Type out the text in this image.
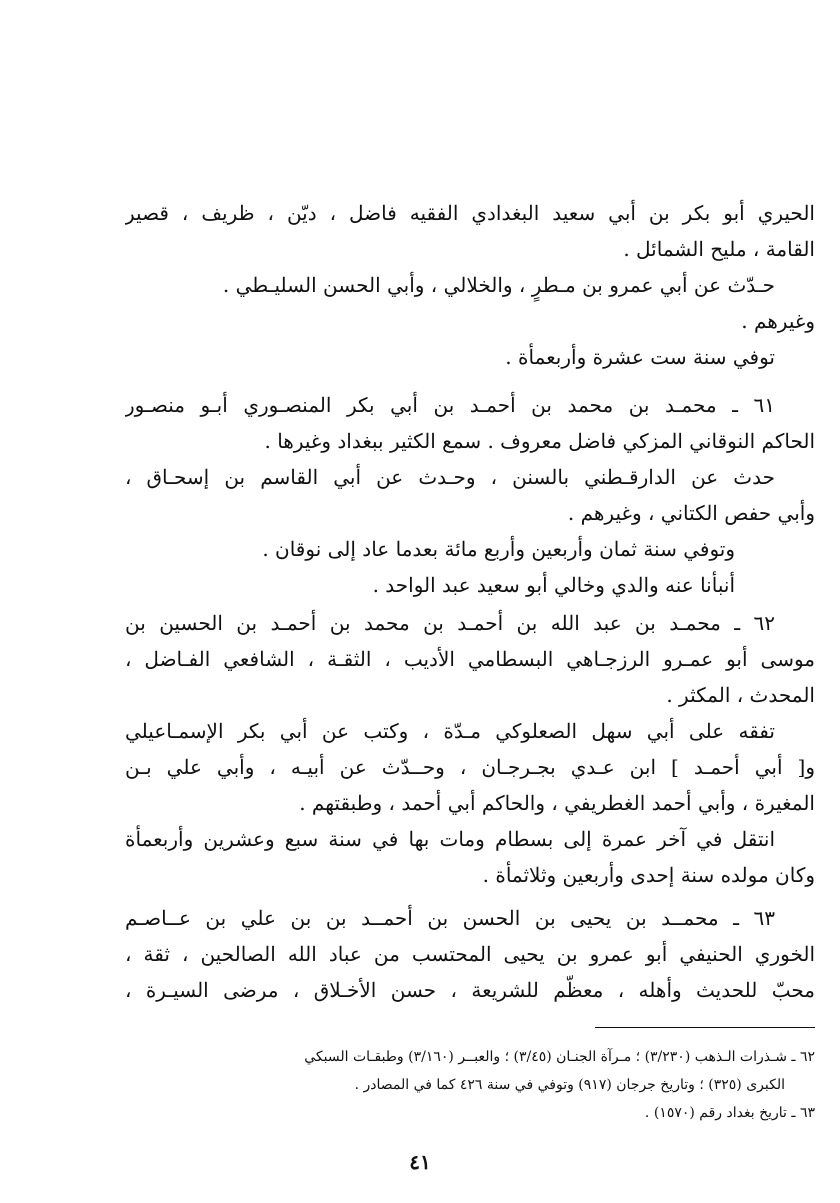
الحيري أبو بكر بن أبي سعيد البغدادي الفقيه فاضل ، ديّن ، ظريف ، قصير
القامة ، مليح الشمائل .
حـدّث عن أبي عمرو بن مـطرٍ ، والخلالي ، وأبي الحسن السليـطي .
وغيرهم .
توفي سنة ست عشرة وأربعمأة .
٦١ ـ محمـد بن محمد بن أحمـد بن أبي بكر المنصـوري أبـو منصـور
الحاكم النوقاني المزكي فاضل معروف . سمع الكثير ببغداد وغيرها .
حدث عن الدارقـطني بالسنن ، وحـدث عن أبي القاسم بن إسحـاق ،
وأبي حفص الكتاني ، وغيرهم .
وتوفي سنة ثمان وأربعين وأربع مائة بعدما عاد إلى نوقان .
أنبأنا عنه والدي وخالي أبو سعيد عبد الواحد .
٦٢ ـ محمـد بن عبد الله بن أحمـد بن محمد بن أحمـد بن الحسين بن
موسى أبو عمـرو الرزجـاهي البسطامي الأديب ، الثقـة ، الشافعي الفـاضل ،
المحدث ، المكثر .
تفقه على أبي سهل الصعلوكي مـدّة ، وكتب عن أبي بكر الإسمـاعيلي
و[ أبي أحمـد ] ابن عـدي بجـرجـان ، وحــدّث عن أبيـه ، وأبي علي بـن
المغيرة ، وأبي أحمد الغطريفي ، والحاكم أبي أحمد ، وطبقتهم .
انتقل في آخر عمرة إلى بسطام ومات بها في سنة سبع وعشرين وأربعمأة
وكان مولده سنة إحدى وأربعين وثلاثمأة .
٦٣ ـ محمــد بن يحيى بن الحسن بن أحمــد بن بن علي بن عــاصـم
الخوري الحنيفي أبو عمرو بن يحيى المحتسب من عباد الله الصالحين ، ثقة ،
محبّ للحديث وأهله ، معظّم للشريعة ، حسن الأخـلاق ، مرضى السيـرة ،
٦٢ ـ شـذرات الـذهب (٣/٢٣٠) ؛ مـرآة الجنـان (٣/٤٥) ؛ والعبــر (٣/١٦٠) وطبقـات السبكي
الكبرى (٣٢٥) ؛ وتاريخ جرجان (٩١٧) وتوفي في سنة ٤٢٦ كما في المصادر .
٦٣ ـ تاريخ بغداد رقم (١٥٧٠) .
٤١
